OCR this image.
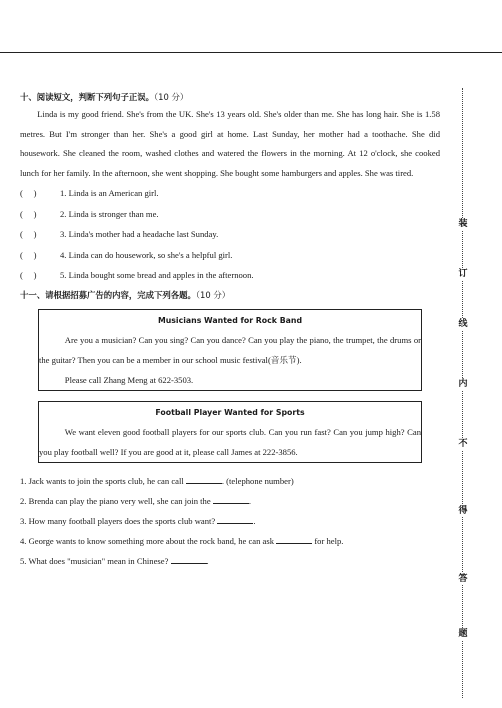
十、阅读短文，判断下列句子正误。（10 分）

Linda is my good friend. She's from the UK. She's 13 years old. She's older than me. She has long hair. She is 1.58 metres. But I'm stronger than her. She's a good girl at home. Last Sunday, her mother had a toothache. She did housework. She cleaned the room, washed clothes and watered the flowers in the morning. At 12 o'clock, she cooked lunch for her family. In the afternoon, she went shopping. She bought some hamburgers and apples. She was tired.

(     )	1. Linda is an American girl.
(     )	2. Linda is stronger than me.
(     )	3. Linda's mother had a headache last Sunday.
(     )	4. Linda can do housework, so she's a helpful girl.
(     )	5. Linda bought some bread and apples in the afternoon.
十一、请根据招募广告的内容，完成下列各题。（10 分）
Musicians Wanted for Rock Band

Are you a musician? Can you sing? Can you dance? Can you play the piano, the trumpet, the drums or the guitar? Then you can be a member in our school music festival(音乐节).

Please call Zhang Meng at 622-3503.

Football Player Wanted for Sports

We want eleven good football players for our sports club. Can you run fast? Can you jump high? Can you play football well? If you are good at it, please call James at 222-3856.

1. Jack wants to join the sports club, he can call	. (telephone number)
2. Brenda can play the piano very well, she can join the	.
3. How many football players does the sports club want?	.
4. George wants to know something more about the rock band, he can ask	for help.
5. What does "musician" mean in Chinese?	.
装
订
线
内
不
得
答
题
